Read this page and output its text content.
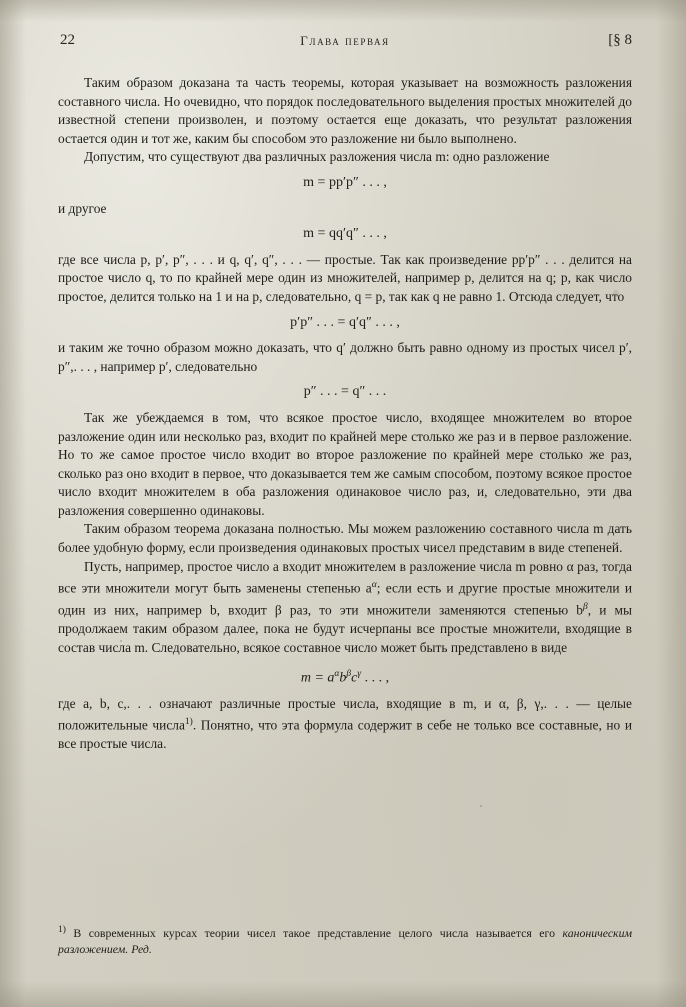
22	Глава первая	[§ 8

Таким образом доказана та часть теоремы, которая указывает на возможность разложения составного числа. Но очевидно, что порядок последовательного выделения простых множителей до известной степени произволен, и поэтому остается еще доказать, что результат разложения остается один и тот же, каким бы способом это разложение ни было выполнено.

Допустим, что существуют два различных разложения числа m: одно разложение

m = pp′p″ . . . ,

и другое

m = qq′q″ . . . ,

где все числа p, p′, p″, . . . и q, q′, q″, . . . — простые. Так как произведение pp′p″ . . . делится на простое число q, то по крайней мере один из множителей, например p, делится на q; p, как число простое, делится только на 1 и на p, следовательно, q = p, так как q не равно 1. Отсюда следует, что

p′p″ . . . = q′q″ . . . ,

и таким же точно образом можно доказать, что q′ должно быть равно одному из простых чисел p′, p″,. . . , например p′, следовательно

p″ . . . = q″ . . .

Так же убеждаемся в том, что всякое простое число, входящее множителем во второе разложение один или несколько раз, входит по крайней мере столько же раз и в первое разложение. Но то же самое простое число входит во второе разложение по крайней мере столько же раз, сколько раз оно входит в первое, что доказывается тем же самым способом, поэтому всякое простое число входит множителем в оба разложения одинаковое число раз, и, следовательно, эти два разложения совершенно одинаковы.

Таким образом теорема доказана полностью. Мы можем разложению составного числа m дать более удобную форму, если произведения одинаковых простых чисел представим в виде степеней.

Пусть, например, простое число a входит множителем в разложение числа m ровно α раз, тогда все эти множители могут быть заменены степенью $a^\alpha$; если есть и другие простые множители и один из них, например b, входит β раз, то эти множители заменяются степенью $b^\beta$, и мы продолжаем таким образом далее, пока не будут исчерпаны все простые множители, входящие в состав числа m. Следовательно, всякое составное число может быть представлено в виде

$m = a^\alpha b^\beta c^\gamma$ . . . ,

где a, b, c,. . . означают различные простые числа, входящие в m, и α, β, γ,. . . — целые положительные числа$^{1)}$. Понятно, что эта формула содержит в себе не только все составные, но и все простые числа.

$^{1)}$ В современных курсах теории чисел такое представление целого числа называется его каноническим разложением. Ред.
